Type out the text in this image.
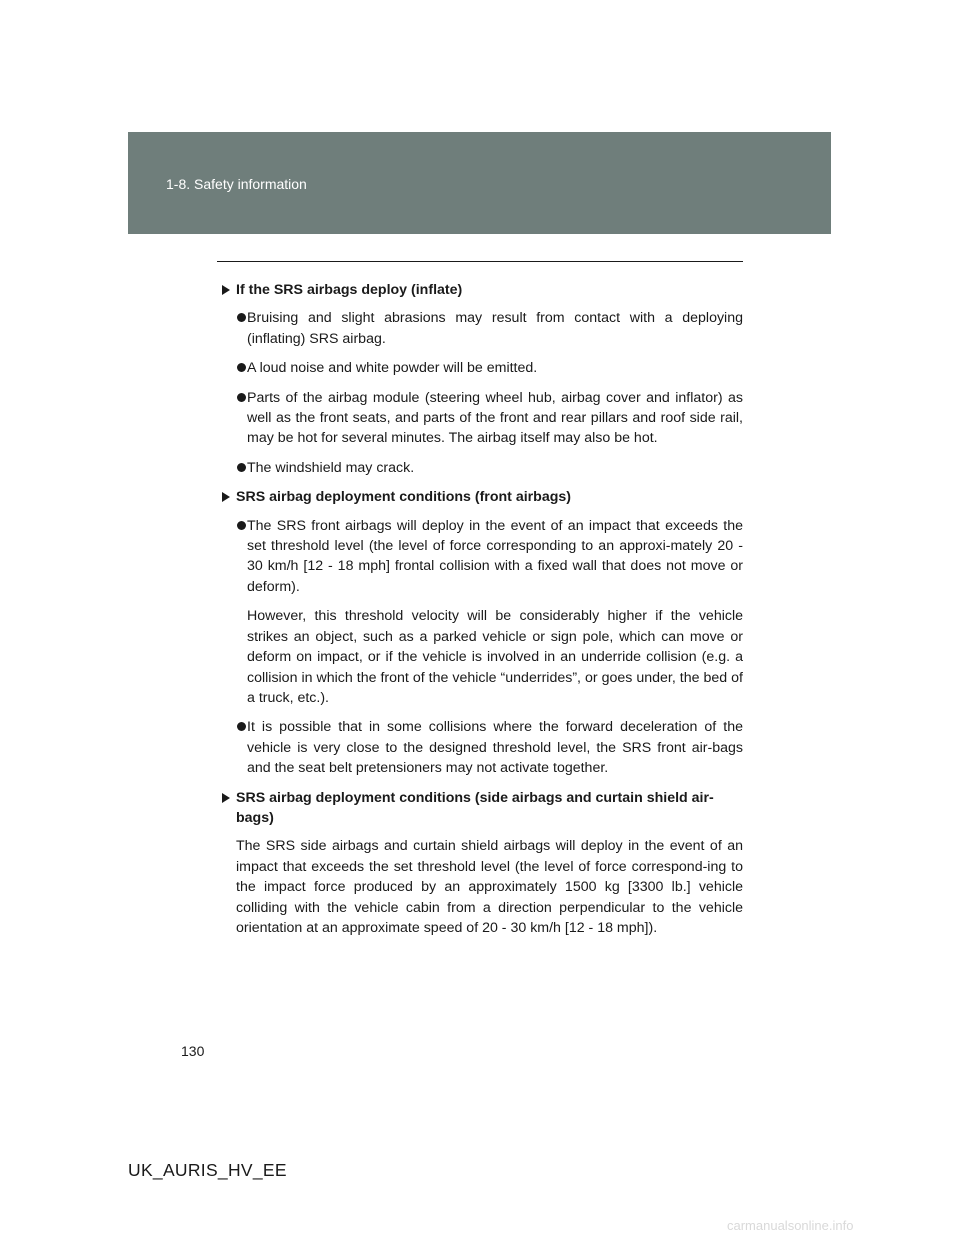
1-8. Safety information
If the SRS airbags deploy (inflate)
Bruising and slight abrasions may result from contact with a deploying (inflating) SRS airbag.
A loud noise and white powder will be emitted.
Parts of the airbag module (steering wheel hub, airbag cover and inflator) as well as the front seats, and parts of the front and rear pillars and roof side rail, may be hot for several minutes. The airbag itself may also be hot.
The windshield may crack.
SRS airbag deployment conditions (front airbags)
The SRS front airbags will deploy in the event of an impact that exceeds the set threshold level (the level of force corresponding to an approxi-mately 20 - 30 km/h [12 - 18 mph] frontal collision with a fixed wall that does not move or deform).
However, this threshold velocity will be considerably higher if the vehicle strikes an object, such as a parked vehicle or sign pole, which can move or deform on impact, or if the vehicle is involved in an underride collision (e.g. a collision in which the front of the vehicle “underrides”, or goes under, the bed of a truck, etc.).
It is possible that in some collisions where the forward deceleration of the vehicle is very close to the designed threshold level, the SRS front air-bags and the seat belt pretensioners may not activate together.
SRS airbag deployment conditions (side airbags and curtain shield air-bags)
The SRS side airbags and curtain shield airbags will deploy in the event of an impact that exceeds the set threshold level (the level of force correspond-ing to the impact force produced by an approximately 1500 kg [3300 lb.] vehicle colliding with the vehicle cabin from a direction perpendicular to the vehicle orientation at an approximate speed of 20 - 30 km/h [12 - 18 mph]).
130
UK_AURIS_HV_EE
carmanualsonline.info
